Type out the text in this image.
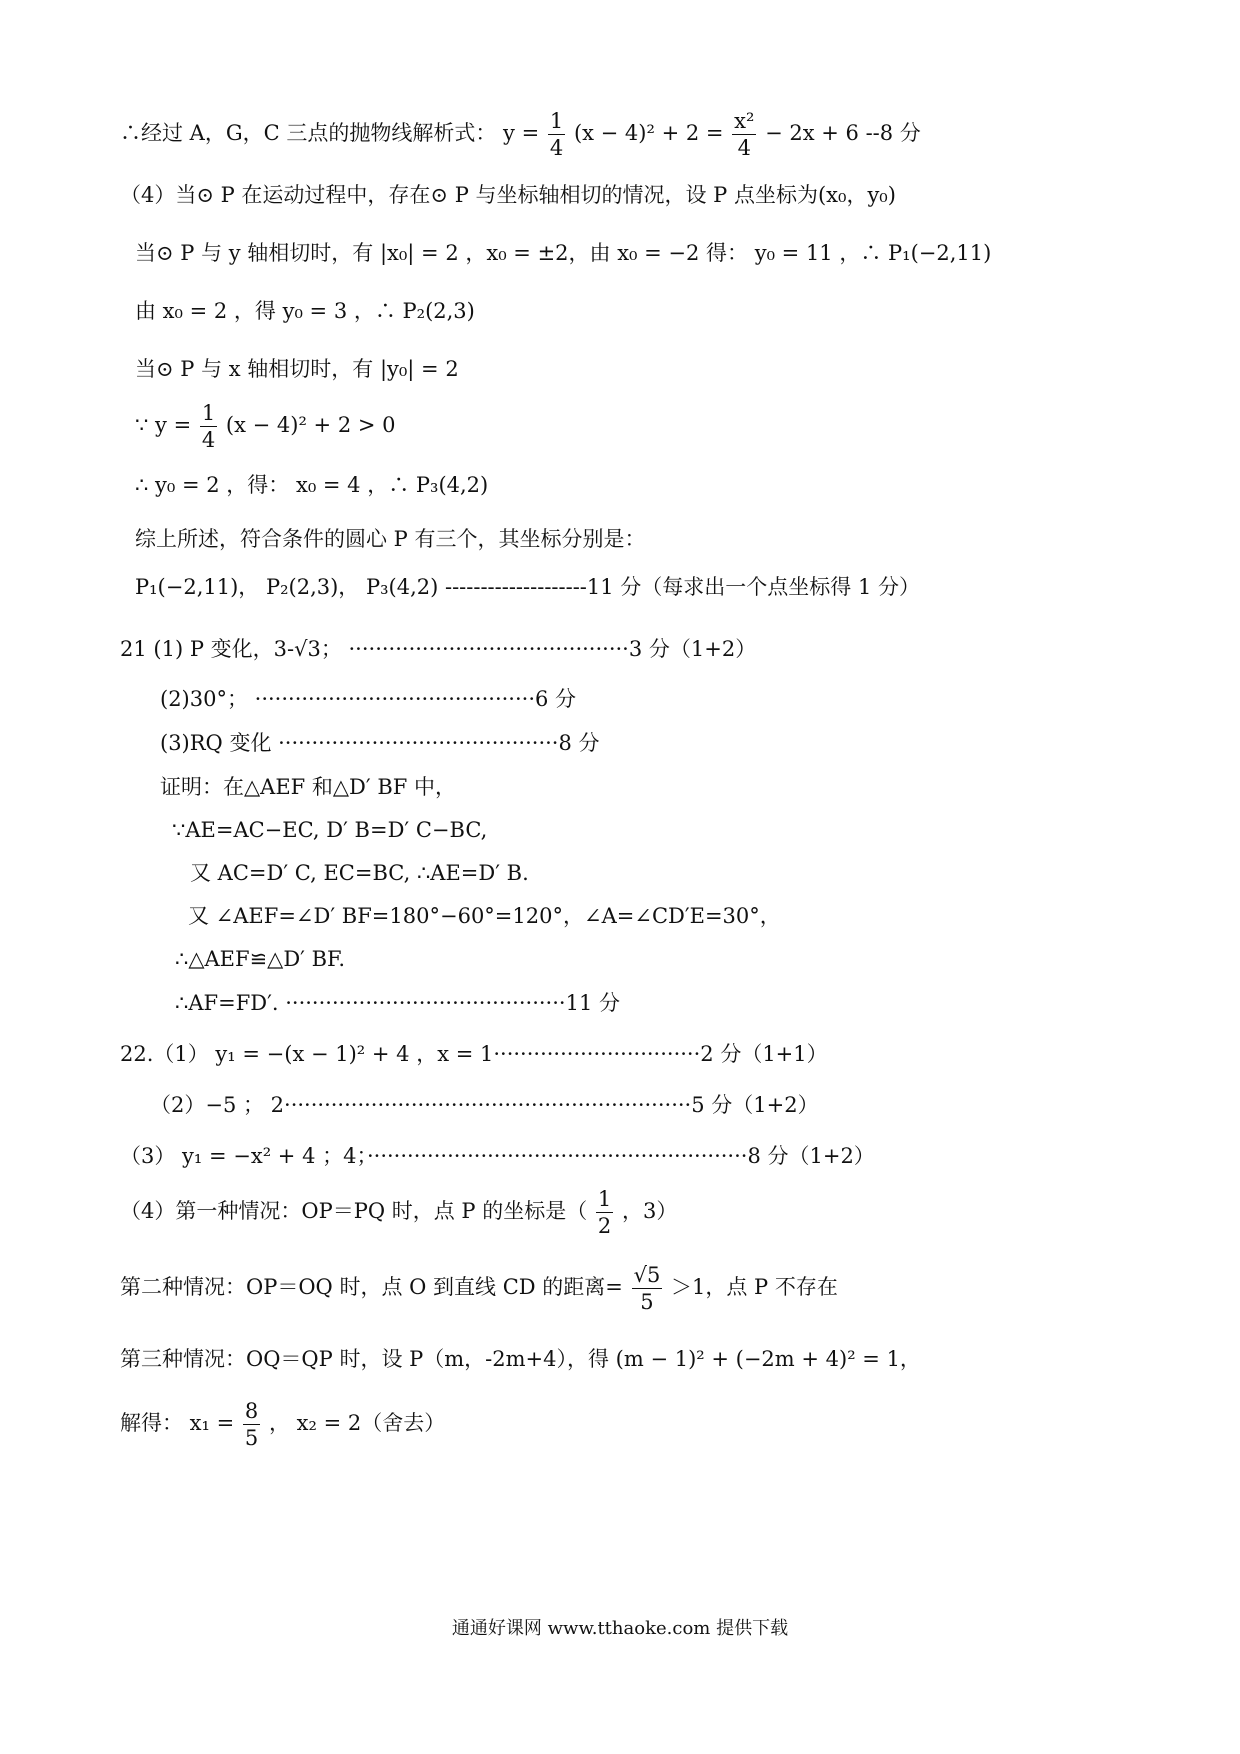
∴经过 A，G，C 三点的抛物线解析式： $y = \frac{1}{4} (x - 4)^2 + 2 = \frac{\text{x²}}{4} - 2x + 6$ --8 分
（4）当⊙ P 在运动过程中，存在⊙ P 与坐标轴相切的情况，设 P 点坐标为(x₀，y₀)
当⊙ P 与 y 轴相切时，有 |x₀| = 2 ，x₀ = ±2，由 x₀ = −2 得： y₀ = 11 ，∴ P₁(−2,11)
由 x₀ = 2 ，得 y₀ = 3 ，∴ P₂(2,3)
当⊙ P 与 x 轴相切时，有 |y₀| = 2
∵ $y = \frac{1}{4} (x - 4)^2 + 2 > 0$
∴ y₀ = 2 ，得： x₀ = 4 ，∴ P₃(4,2)
综上所述，符合条件的圆心 P 有三个，其坐标分别是：
P₁(−2,11)， P₂(2,3)， P₃(4,2) --------------------11 分（每求出一个点坐标得 1 分）
21 (1) P 变化，3-√3； ··········································3 分（1+2）
(2)30°； ··········································6 分
(3)RQ 变化 ··········································8 分
证明：在△AEF 和△D′ BF 中，
∵AE=AC−EC, D′ B=D′ C−BC,
又 AC=D′ C, EC=BC, ∴AE=D′ B.
又 ∠AEF=∠D′ BF=180°−60°=120°，∠A=∠CD′E=30°，
∴△AEF≌△D′ BF.
∴AF=FD′. ··········································11 分
22.（1） y₁ = −(x − 1)² + 4 ，x = 1·······························2 分（1+1）
（2）−5 ； 2·····························································5 分（1+2）
（3） y₁ = −x² + 4 ；4；·························································8 分（1+2）
（4）第一种情况：OP＝PQ 时，点 P 的坐标是（ $\frac{1}{2}$ ，3）
第二种情况：OP＝OQ 时，点 O 到直线 CD 的距离= $\frac{√5}{5} >1$，点 P 不存在
第三种情况：OQ＝QP 时，设 P（m，-2m+4），得 (m − 1)² + (−2m + 4)² = 1，
解得： $x_1 = \frac{8}{5}$ ， x₂ = 2（舍去）
通通好课网 www.tthaoke.com 提供下载
